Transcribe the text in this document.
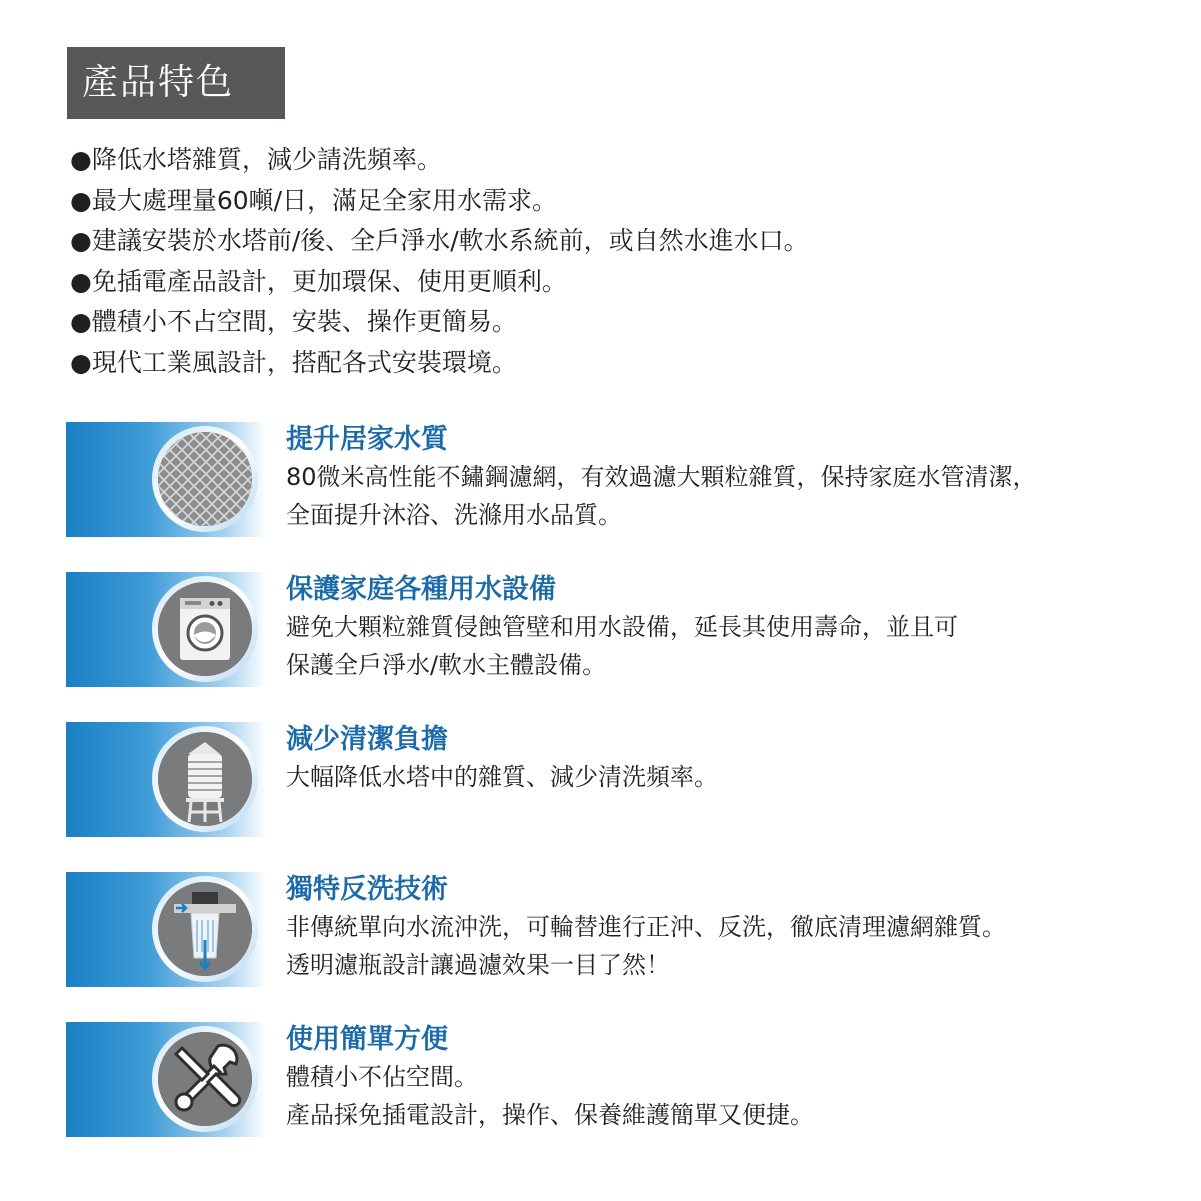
產品特色
●降低水塔雜質，減少請洗頻率。
●最大處理量60噸/日，滿足全家用水需求。
●建議安裝於水塔前/後、全戶淨水/軟水系統前，或自然水進水口。
●免插電產品設計，更加環保、使用更順利。
●體積小不占空間，安裝、操作更簡易。
●現代工業風設計，搭配各式安裝環境。
提升居家水質
80微米高性能不鏽鋼濾網，有效過濾大顆粒雜質，保持家庭水管清潔，
全面提升沐浴、洗滌用水品質。
保護家庭各種用水設備
避免大顆粒雜質侵蝕管壁和用水設備，延長其使用壽命，並且可
保護全戶淨水/軟水主體設備。
減少清潔負擔
大幅降低水塔中的雜質、減少清洗頻率。
獨特反洗技術
非傳統單向水流沖洗，可輪替進行正沖、反洗，徹底清理濾網雜質。
透明濾瓶設計讓過濾效果一目了然！
使用簡單方便
體積小不佔空間。
產品採免插電設計，操作、保養維護簡單又便捷。
